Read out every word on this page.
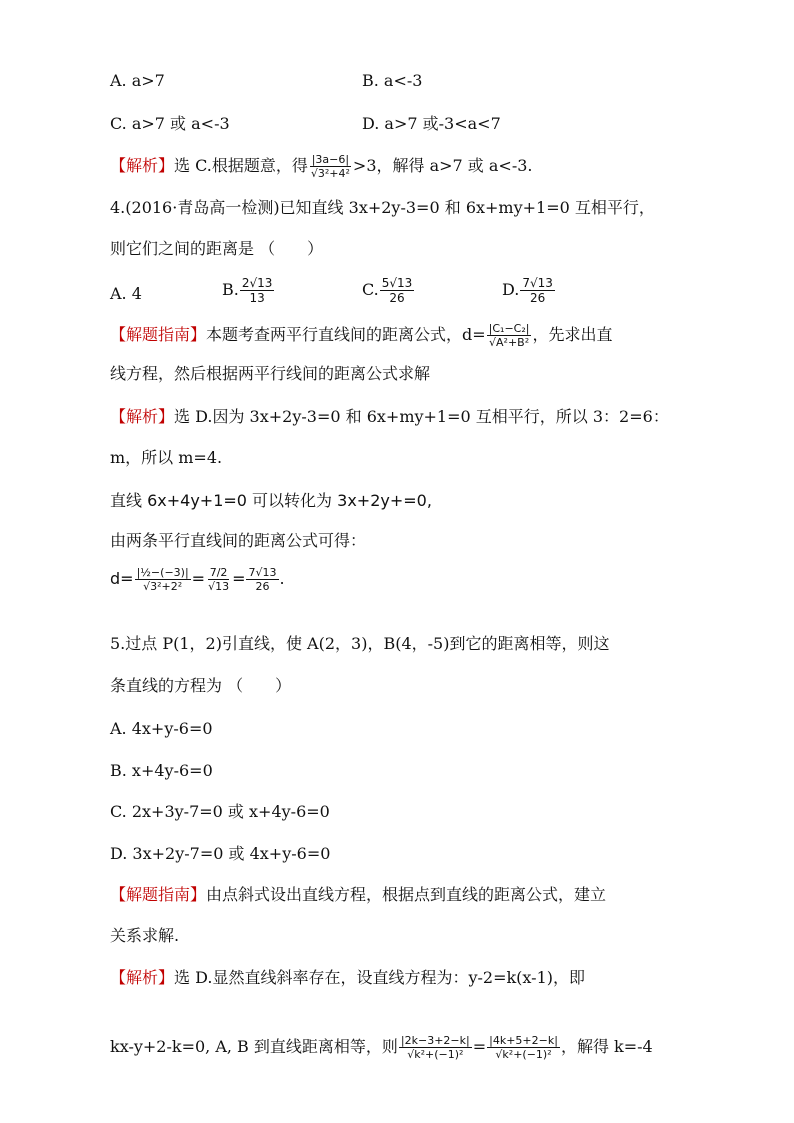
A. a>7	B. a<-3
C. a>7 或 a<-3	D. a>7 或-3<a<7
【解析】选 C.根据题意，得 $\frac{|3a-6|}{\text{√3²+4²}} >3$，解得 a>7 或 a<-3.
4.(2016·青岛高一检测)已知直线 3x+2y-3=0 和 6x+my+1=0 互相平行，
则它们之间的距离是 （　　）
A. 4	B. $\frac{2√13}{13}$	C. $\frac{5√13}{26}$	D. $\frac{7√13}{26}$
【解题指南】本题考查两平行直线间的距离公式，$d= \frac{\text{|C₁−C₂|}}{\text{√A²+B²}}$ ，先求出直
线方程，然后根据两平行线间的距离公式求解
【解析】选 D.因为 3x+2y-3=0 和 6x+my+1=0 互相平行，所以 3：2=6：
m，所以 m=4.
直线 6x+4y+1=0 可以转化为 3x+2y+=0,
由两条平行直线间的距离公式可得：
$d= \frac{\text{|½−(−3)|}}{\text{√3²+2²}} = \frac{7/2}{√13} = \frac{7√13}{26}$ .
5.过点 P(1，2)引直线，使 A(2，3)，B(4，-5)到它的距离相等，则这
条直线的方程为 （　　）
A. 4x+y-6=0
B. x+4y-6=0
C. 2x+3y-7=0 或 x+4y-6=0
D. 3x+2y-7=0 或 4x+y-6=0
【解题指南】由点斜式设出直线方程，根据点到直线的距离公式，建立
关系求解.
【解析】选 D.显然直线斜率存在，设直线方程为：y-2=k(x-1)，即
kx-y+2-k=0, A, B 到直线距离相等，则 $\frac{|2k-3+2-k|}{\text{√k²+(−1)²}} = \frac{|4k+5+2-k|}{\text{√k²+(−1)²}}$ ，解得 k=-4
